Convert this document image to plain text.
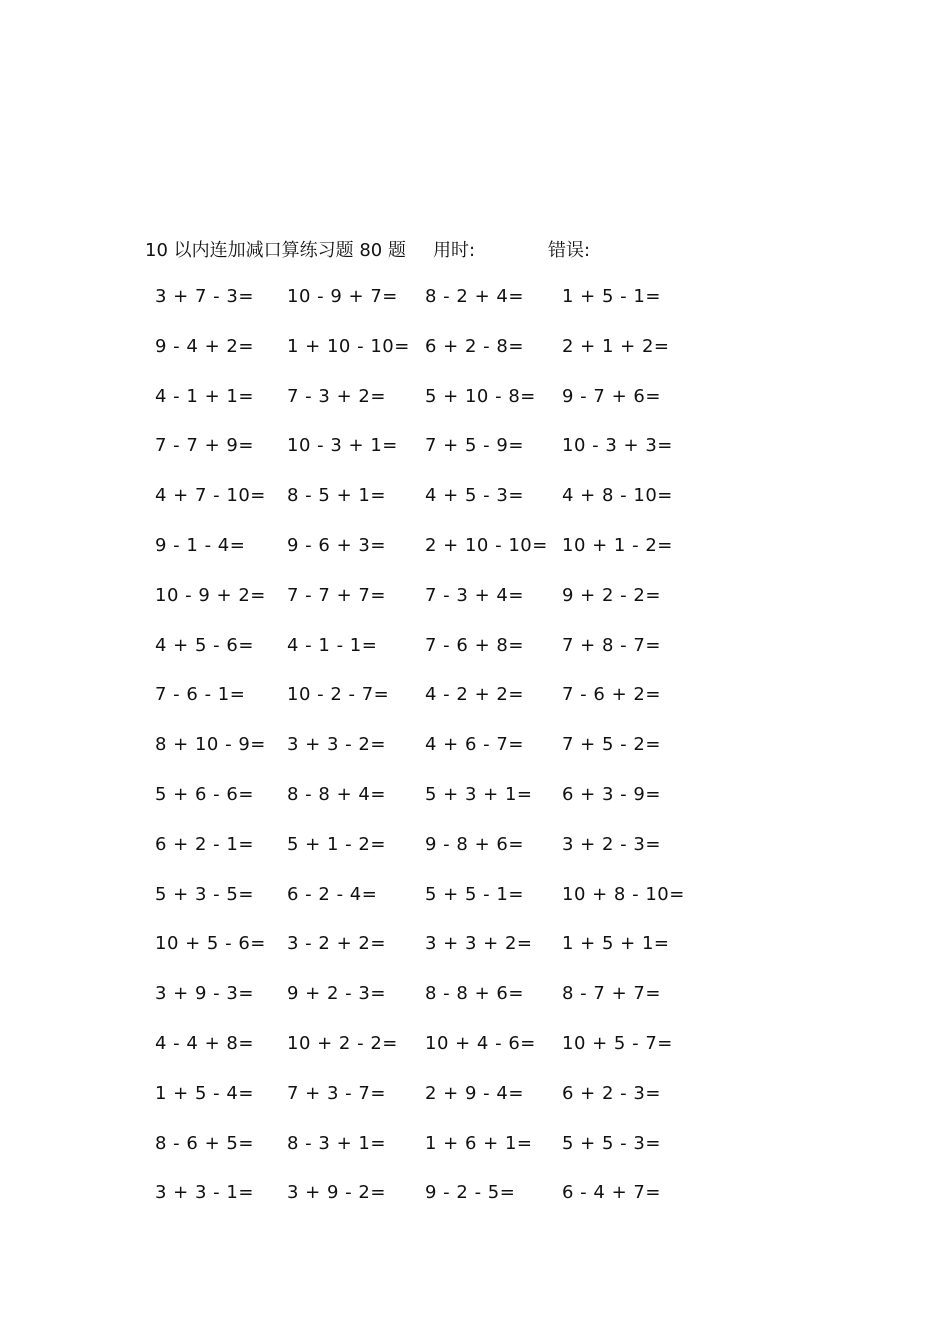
10 以内连加减口算练习题 80 题 用时:	错误:
3 + 7 - 3= 10 - 9 + 7= 8 - 2 + 4= 1 + 5 - 1=
9 - 4 + 2= 1 + 10 - 10= 6 + 2 - 8= 2 + 1 + 2=
4 - 1 + 1= 7 - 3 + 2= 5 + 10 - 8= 9 - 7 + 6=
7 - 7 + 9= 10 - 3 + 1= 7 + 5 - 9= 10 - 3 + 3=
4 + 7 - 10= 8 - 5 + 1= 4 + 5 - 3= 4 + 8 - 10=
9 - 1 - 4= 9 - 6 + 3= 2 + 10 - 10= 10 + 1 - 2=
10 - 9 + 2= 7 - 7 + 7= 7 - 3 + 4= 9 + 2 - 2=
4 + 5 - 6= 4 - 1 - 1=	7 - 6 + 8= 7 + 8 - 7=
7 - 6 - 1= 10 - 2 - 7= 4 - 2 + 2= 7 - 6 + 2=
8 + 10 - 9= 3 + 3 - 2= 4 + 6 - 7= 7 + 5 - 2=
5 + 6 - 6= 8 - 8 + 4= 5 + 3 + 1= 6 + 3 - 9=
6 + 2 - 1= 5 + 1 - 2= 9 - 8 + 6= 3 + 2 - 3=
5 + 3 - 5= 6 - 2 - 4=	5 + 5 - 1= 10 + 8 - 10=
10 + 5 - 6= 3 - 2 + 2= 3 + 3 + 2= 1 + 5 + 1=
3 + 9 - 3= 9 + 2 - 3= 8 - 8 + 6= 8 - 7 + 7=
4 - 4 + 8= 10 + 2 - 2= 10 + 4 - 6= 10 + 5 - 7=
1 + 5 - 4= 7 + 3 - 7= 2 + 9 - 4= 6 + 2 - 3=
8 - 6 + 5= 8 - 3 + 1= 1 + 6 + 1= 5 + 5 - 3=
3 + 3 - 1= 3 + 9 - 2= 9 - 2 - 5=	6 - 4 + 7=
